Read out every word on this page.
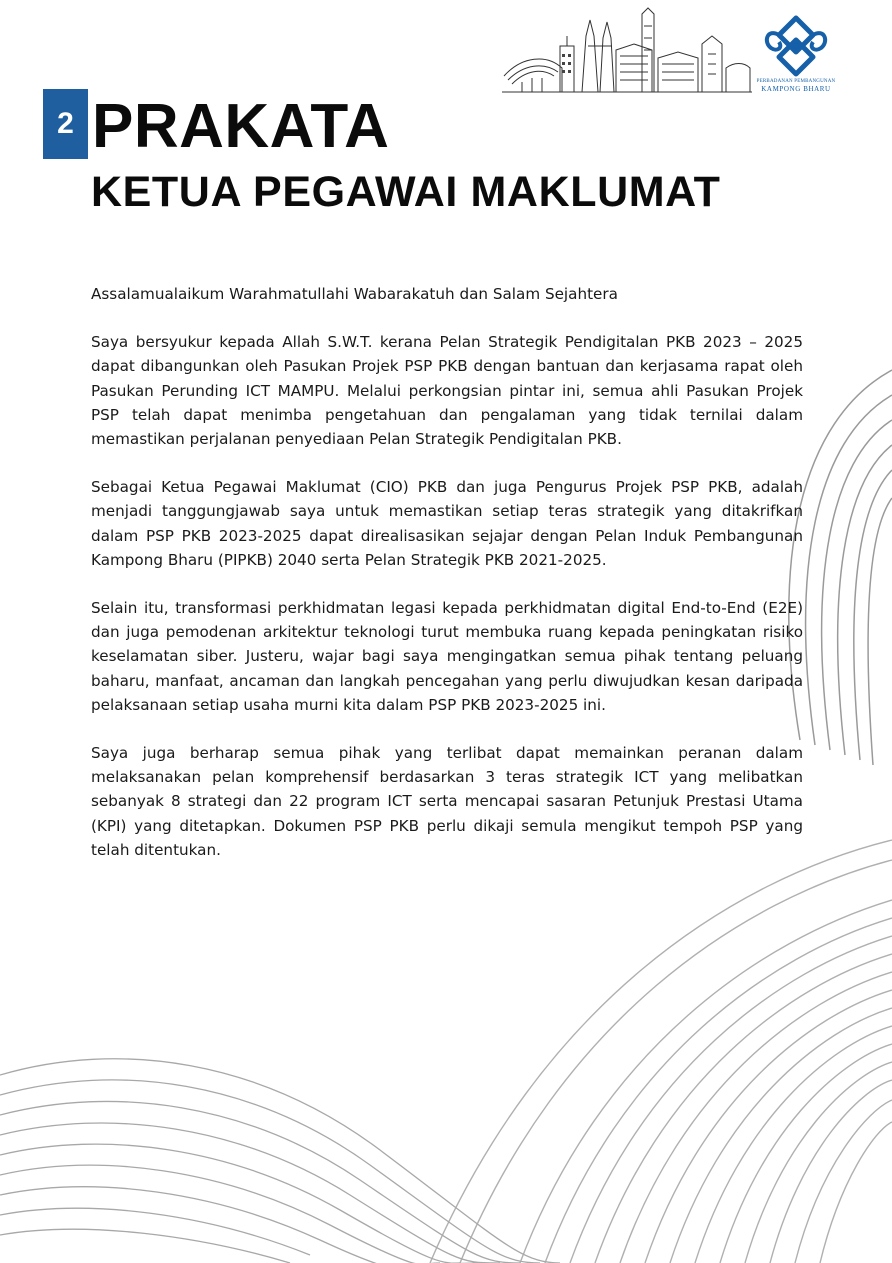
PERBADANAN PEMBANGUNAN
KAMPONG BHARU
2 PRAKATA
KETUA PEGAWAI MAKLUMAT

Assalamualaikum Warahmatullahi Wabarakatuh dan Salam Sejahtera

Saya bersyukur kepada Allah S.W.T. kerana Pelan Strategik Pendigitalan PKB 2023 – 2025 dapat dibangunkan oleh Pasukan Projek PSP PKB dengan bantuan dan kerjasama rapat oleh Pasukan Perunding ICT MAMPU. Melalui perkongsian pintar ini, semua ahli Pasukan Projek PSP telah dapat menimba pengetahuan dan pengalaman yang tidak ternilai dalam memastikan perjalanan penyediaan Pelan Strategik Pendigitalan PKB.

Sebagai Ketua Pegawai Maklumat (CIO) PKB dan juga Pengurus Projek PSP PKB, adalah menjadi tanggungjawab saya untuk memastikan setiap teras strategik yang ditakrifkan dalam PSP PKB 2023-2025 dapat direalisasikan sejajar dengan Pelan Induk Pembangunan Kampong Bharu (PIPKB) 2040 serta Pelan Strategik PKB 2021-2025.

Selain itu, transformasi perkhidmatan legasi kepada perkhidmatan digital End-to-End (E2E) dan juga pemodenan arkitektur teknologi turut membuka ruang kepada peningkatan risiko keselamatan siber. Justeru, wajar bagi saya mengingatkan semua pihak tentang peluang baharu, manfaat, ancaman dan langkah pencegahan yang perlu diwujudkan kesan daripada pelaksanaan setiap usaha murni kita dalam PSP PKB 2023-2025 ini.

Saya juga berharap semua pihak yang terlibat dapat memainkan peranan dalam melaksanakan pelan komprehensif berdasarkan 3 teras strategik ICT yang melibatkan sebanyak 8 strategi dan 22 program ICT serta mencapai sasaran Petunjuk Prestasi Utama (KPI) yang ditetapkan. Dokumen PSP PKB perlu dikaji semula mengikut tempoh PSP yang telah ditentukan.
